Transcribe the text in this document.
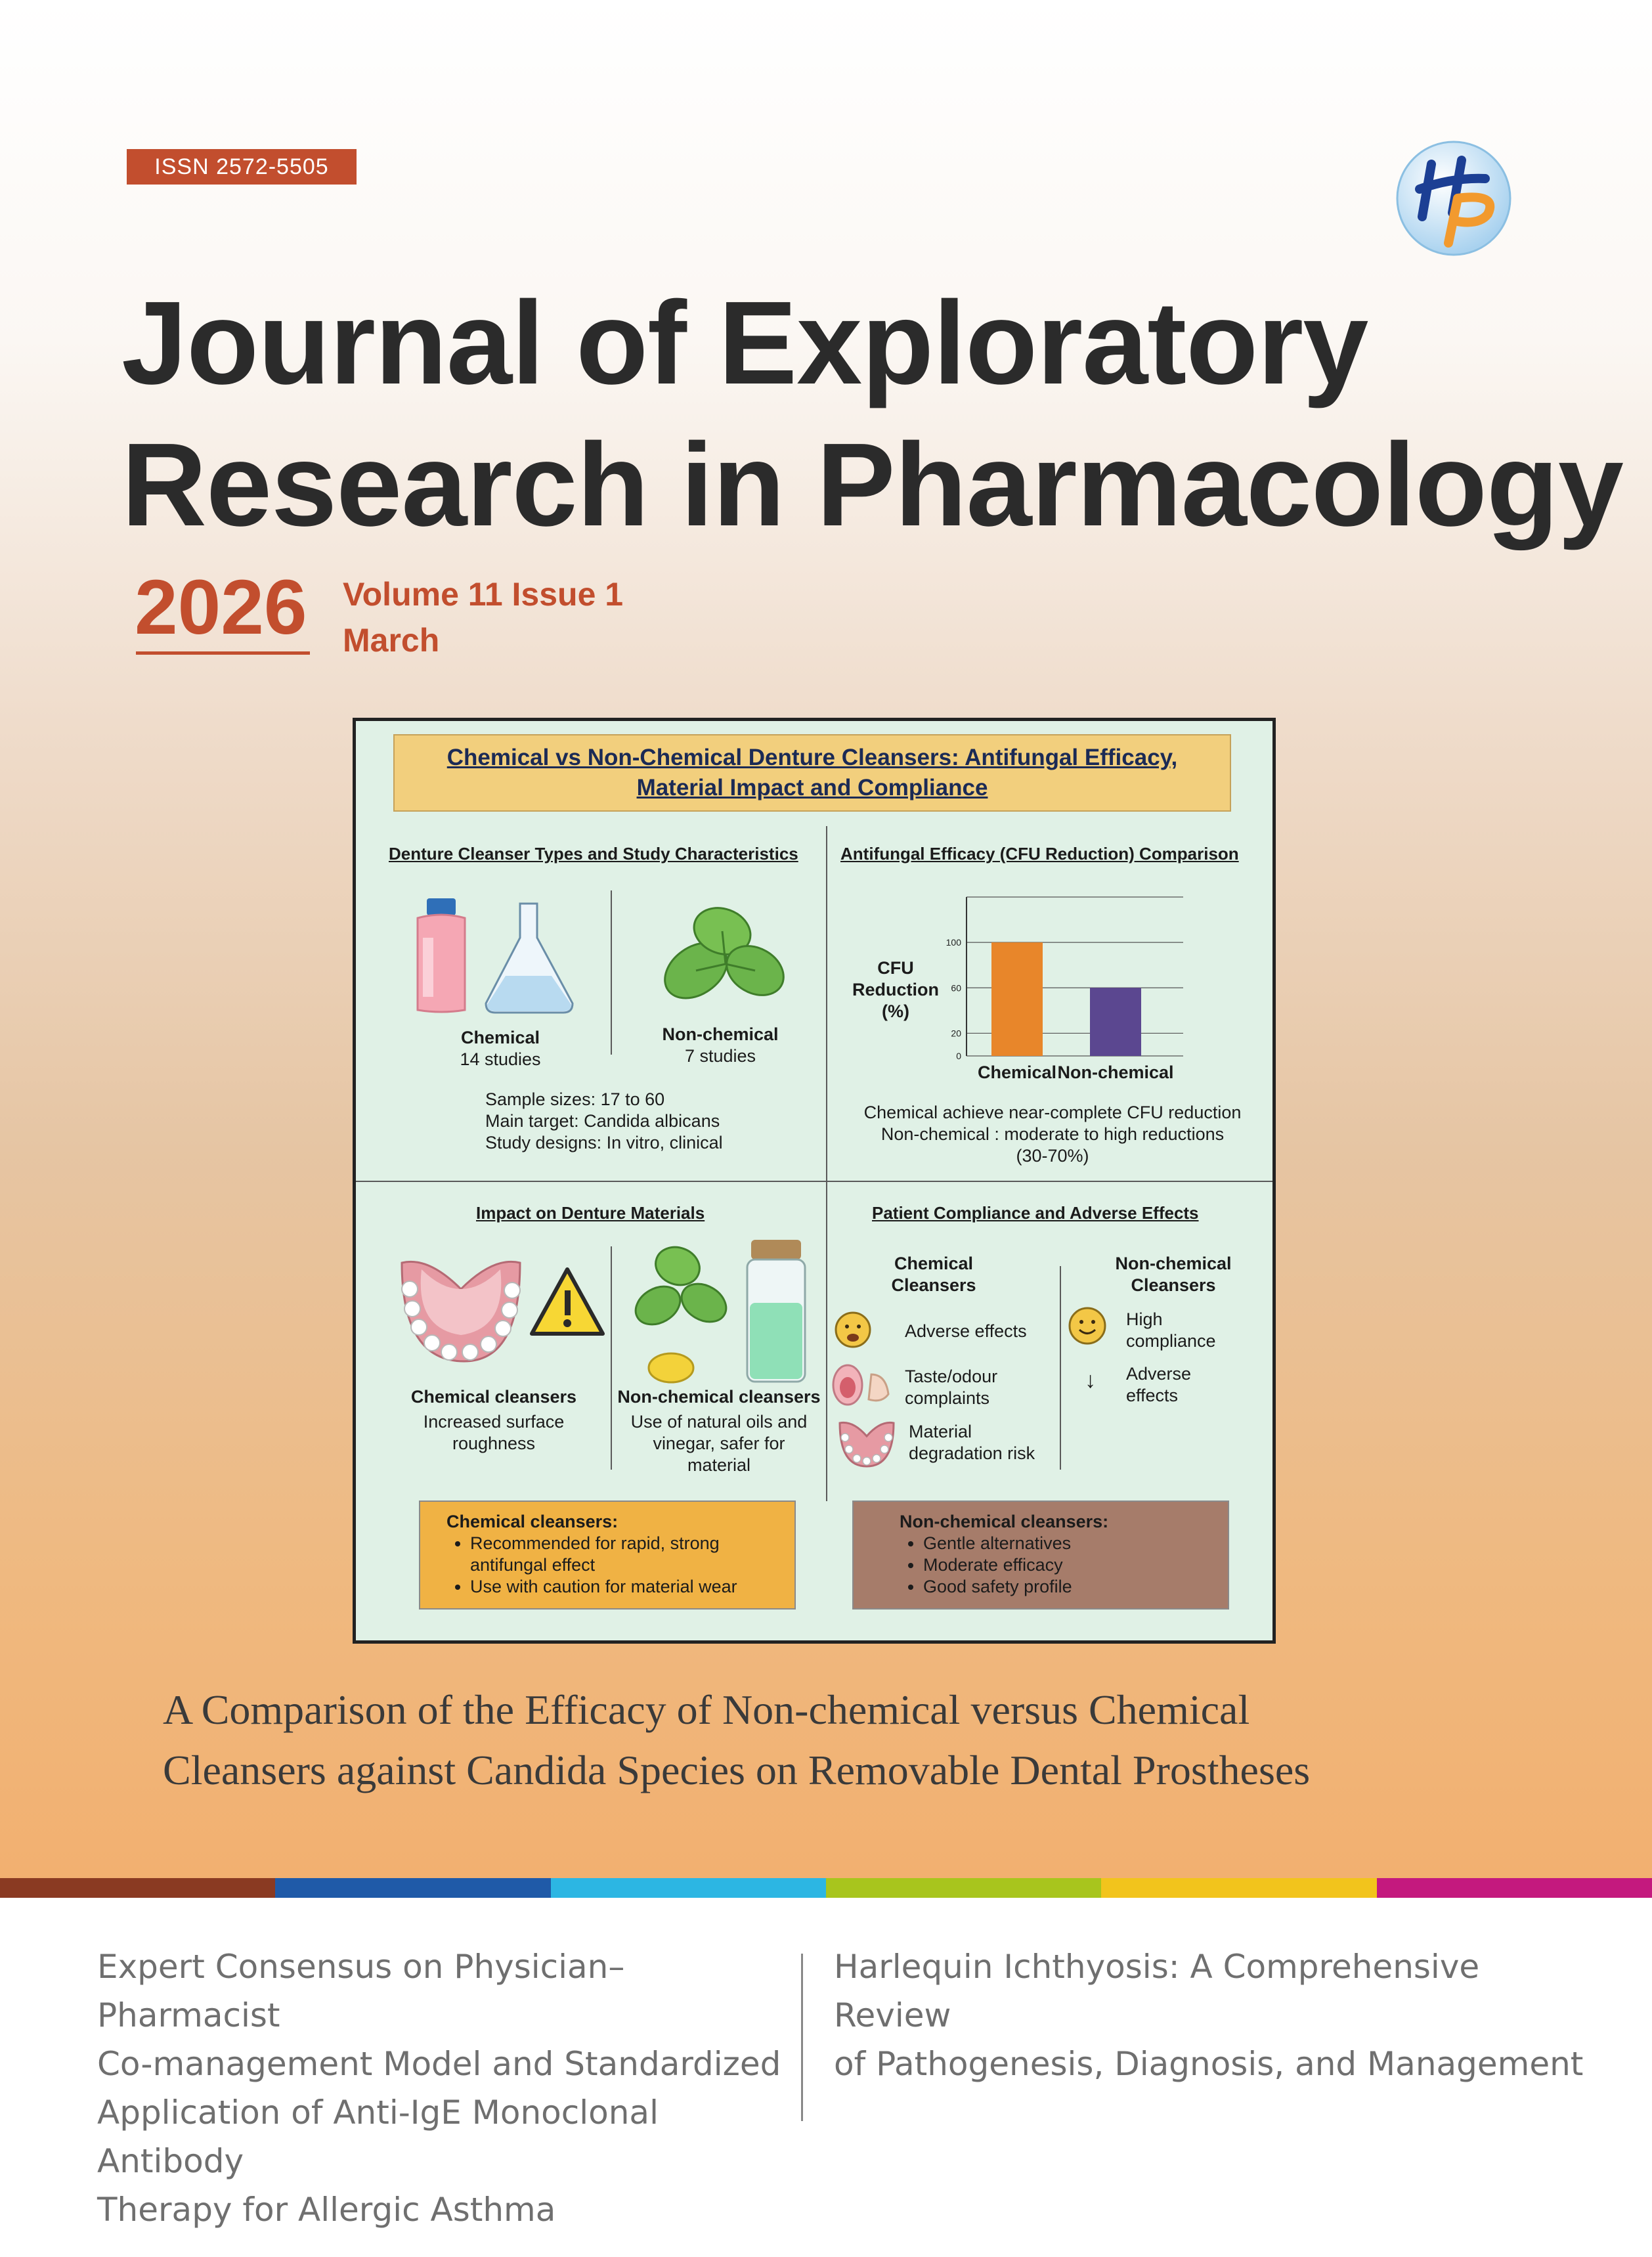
ISSN 2572-5505
Journal of Exploratory
Research in Pharmacology
2026 Volume 11 Issue 1
March
Chemical vs Non-Chemical Denture Cleansers: Antifungal Efficacy,
Material Impact and Compliance
Denture Cleanser Types and Study Characteristics
Chemical
14 studies
Non-chemical
7 studies
Sample sizes: 17 to 60
Main target: Candida albicans
Study designs: In vitro, clinical
Antifungal Efficacy (CFU Reduction) Comparison
CFU
Reduction
(%)
0
20
60
100
Chemical Non-chemical
Chemical achieve near-complete CFU reduction
Non-chemical : moderate to high reductions
(30-70%)
Impact on Denture Materials
Chemical cleansers
Increased surface
roughness
Non-chemical cleansers
Use of natural oils and
vinegar, safer for
material
Patient Compliance and Adverse Effects
Chemical
Cleansers
Non-chemical
Cleansers
Adverse effects
Taste/odour
complaints
Material
degradation risk
High
compliance
↓ Adverse
effects
Chemical cleansers:
• Recommended for rapid, strong
antifungal effect
• Use with caution for material wear
Non-chemical cleansers:
• Gentle alternatives
• Moderate efficacy
• Good safety profile
A Comparison of the Efficacy of Non-chemical versus Chemical
Cleansers against Candida Species on Removable Dental Prostheses
Expert Consensus on Physician–Pharmacist
Co-management Model and Standardized
Application of Anti-IgE Monoclonal Antibody
Therapy for Allergic Asthma
Harlequin Ichthyosis: A Comprehensive Review
of Pathogenesis, Diagnosis, and Management
